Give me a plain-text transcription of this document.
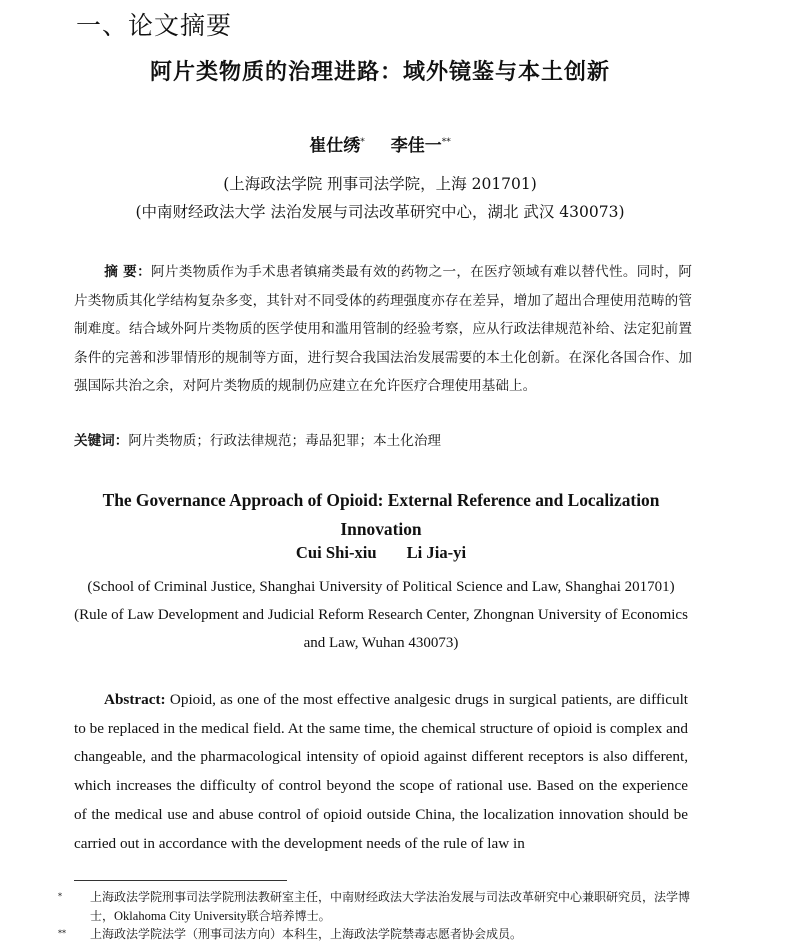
一、论文摘要
阿片类物质的治理进路：域外镜鉴与本土创新
崔仕绣* 李佳一**
(上海政法学院 刑事司法学院，上海 201701)
(中南财经政法大学 法治发展与司法改革研究中心，湖北 武汉 430073)
摘 要：阿片类物质作为手术患者镇痛类最有效的药物之一，在医疗领域有难以替代性。同时，阿片类物质其化学结构复杂多变，其针对不同受体的药理强度亦存在差异，增加了超出合理使用范畴的管制难度。结合域外阿片类物质的医学使用和滥用管制的经验考察，应从行政法律规范补给、法定犯前置条件的完善和涉罪情形的规制等方面，进行契合我国法治发展需要的本土化创新。在深化各国合作、加强国际共治之余，对阿片类物质的规制仍应建立在允许医疗合理使用基础上。
关键词：阿片类物质；行政法律规范；毒品犯罪；本土化治理
The Governance Approach of Opioid: External Reference and Localization Innovation
Cui Shi-xiu Li Jia-yi
(School of Criminal Justice, Shanghai University of Political Science and Law, Shanghai 201701)
(Rule of Law Development and Judicial Reform Research Center, Zhongnan University of Economics and Law, Wuhan 430073)
Abstract: Opioid, as one of the most effective analgesic drugs in surgical patients, are difficult to be replaced in the medical field. At the same time, the chemical structure of opioid is complex and changeable, and the pharmacological intensity of opioid against different receptors is also different, which increases the difficulty of control beyond the scope of rational use. Based on the experience of the medical use and abuse control of opioid outside China, the localization innovation should be carried out in accordance with the development needs of the rule of law in
* 上海政法学院刑事司法学院刑法教研室主任，中南财经政法大学法治发展与司法改革研究中心兼职研究员，法学博士，Oklahoma City University联合培养博士。
** 上海政法学院法学（刑事司法方向）本科生，上海政法学院禁毒志愿者协会成员。
